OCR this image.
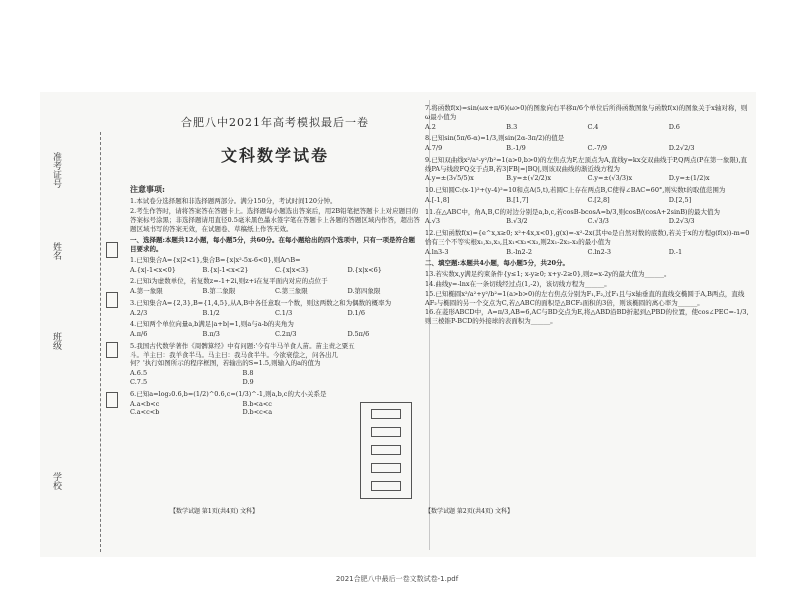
准考证号
姓名
班级
学校
合肥八中2021年高考模拟最后一卷
文科数学试卷
注意事项:

1.本试卷分选择题和非选择题两部分。满分150分，考试时间120分钟。

2.考生作答时，请将答案答在答题卡上。选择题每小题选出答案后，用2B铅笔把答题卡上对应题目的答案标号涂黑；非选择题请用直径0.5毫米黑色墨水签字笔在答题卡上各题的答题区域内作答，超出答题区域书写的答案无效，在试题卷、草稿纸上作答无效。

一、选择题:本题共12小题，每小题5分，共60分。在每小题给出的四个选项中，只有一项是符合题目要求的。
1.已知集合A={x|2<1},集合B={x|x²-5x-6<0},则A∩B=
A.{x|-1<x<0}	B.{x|-1<x<2}	C.{x|x<3}	D.{x|x<6}
2.已知i为虚数单位，若复数z=-1+2i,则z+i在复平面内对应的点位于
A.第一象限	B.第二象限	C.第三象限	D.第四象限
3.已知集合A={2,3},B={1,4,5},从A,B中各任意取一个数，则这两数之和为偶数的概率为
A.2/3	B.1/2	C.1/3	D.1/6
4.已知两个单位向量a,b满足|a+b|=1,则a与a-b的夹角为
A.π/6	B.π/3	C.2π/3	D.5π/6
5.我国古代数学著作《周髀算经》中有问题:'今有牛马羊食人苗。苗主责之粟五斗。羊主曰：我羊食半马。马主曰：我马食半牛。今欲衰偿之，问各出几何？'执行如图所示的程序框图，若输出的S=1.5,则输入的a的值为
A.6.5	B.8
C.7.5	D.9
6.已知a=log₂0.6,b=(1/2)^0.6,c=(1/3)^-1,则a,b,c的大小关系是
A.a<b<c	B.b<a<c
C.a<c<b	D.b<c<a
【数学试题 第1页(共4页) 文科】
7.将函数f(x)=sin(ωx+π/6)(ω>0)的图象向右平移π/6个单位后所得函数图象与函数f(x)的图象关于x轴对称，则ω最小值为
A.2	B.3	C.4	D.6
8.已知sin(5π/6-α)=1/3,则sin(2α-3π/2)的值是
A.7/9	B.-1/9	C.-7/9	D.2√2/3
9.已知双曲线x²/a²-y²/b²=1(a>0,b>0)的左焦点为F,左顶点为A,直线y=kx交双曲线于P,Q两点(P在第一象限),直线PA与线段FQ交于点B,若3|FB|=|BQ|,则该双曲线的渐近线方程为
A.y=±(3√5/5)x	B.y=±(√2/2)x	C.y=±(√3/3)x	D.y=±(1/2)x
10.已知圆C:(x-1)²+(y-4)²=10和点A(5,t),若圆C上存在两点B,C使得∠BAC=60°,则实数t的取值范围为
A.[-1,8]	B.[1,7]	C.[2,8]	D.[2,5]
11.在△ABC中，角A,B,C的对边分别是a,b,c,若cosB-bcosA=b/3,则cosB/(cosA+2sinB)的最大值为
A.√3	B.√3/2	C.√3/3	D.2√3/3
12.已知函数f(x)={e^x,x≥0; x²+4x,x<0},g(x)=-x²-2x(其中e是自然对数的底数),若关于x的方程g(f(x))-m=0恰有三个不等实根x₁,x₂,x₃,且x₁<x₂<x₃,则2x₁-2x₂-x₃的最小值为
A.ln3-3	B.-ln2-2	C.ln2-3	D.-1
二、填空题:本题共4小题，每小题5分，共20分。
13.若实数x,y满足约束条件{y≤1; x-y≥0; x+y-2≥0},则z=x-2y的最大值为______。
14.曲线y=-lnx在一条切线经过点(1,-2)，该切线方程为______。
15.已知椭圆x²/a²+y²/b²=1(a>b>0)的左右焦点分别为F₁,F₂,过F₁且与x轴垂直的直线交椭圆于A,B两点，直线AF₂与椭圆的另一个交点为C,若△ABC的面积是△BCF₂面积的3倍，则该椭圆的离心率为______。
16.在菱形ABCD中，A=π/3,AB=6,AC与BD交点为E,将△ABD沿BD折起到△PBD的位置，使cos∠PEC=-1/3,则三棱锥P-BCD的外接球的表面积为______。
【数学试题 第2页(共4页) 文科】
2021合肥八中最后一卷文数试卷-1.pdf
